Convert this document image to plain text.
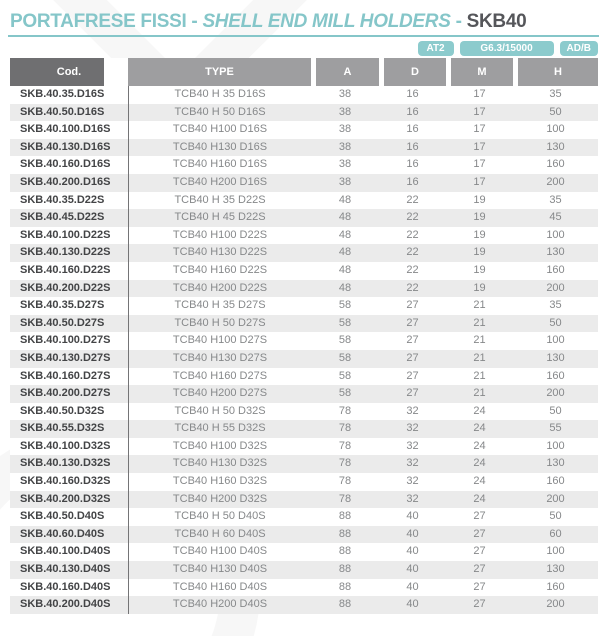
PORTAFRESE FISSI - SHELL END MILL HOLDERS - SKB40
AT2	G6.3/15000	AD/B
Cod.	TYPE	A	D	M	H
SKB.40.35.D16S	TCB40 H 35 D16S	38	16	17	35
SKB.40.50.D16S	TCB40 H 50 D16S	38	16	17	50
SKB.40.100.D16S	TCB40 H100 D16S	38	16	17	100
SKB.40.130.D16S	TCB40 H130 D16S	38	16	17	130
SKB.40.160.D16S	TCB40 H160 D16S	38	16	17	160
SKB.40.200.D16S	TCB40 H200 D16S	38	16	17	200
SKB.40.35.D22S	TCB40 H 35 D22S	48	22	19	35
SKB.40.45.D22S	TCB40 H 45 D22S	48	22	19	45
SKB.40.100.D22S	TCB40 H100 D22S	48	22	19	100
SKB.40.130.D22S	TCB40 H130 D22S	48	22	19	130
SKB.40.160.D22S	TCB40 H160 D22S	48	22	19	160
SKB.40.200.D22S	TCB40 H200 D22S	48	22	19	200
SKB.40.35.D27S	TCB40 H 35 D27S	58	27	21	35
SKB.40.50.D27S	TCB40 H 50 D27S	58	27	21	50
SKB.40.100.D27S	TCB40 H100 D27S	58	27	21	100
SKB.40.130.D27S	TCB40 H130 D27S	58	27	21	130
SKB.40.160.D27S	TCB40 H160 D27S	58	27	21	160
SKB.40.200.D27S	TCB40 H200 D27S	58	27	21	200
SKB.40.50.D32S	TCB40 H 50 D32S	78	32	24	50
SKB.40.55.D32S	TCB40 H 55 D32S	78	32	24	55
SKB.40.100.D32S	TCB40 H100 D32S	78	32	24	100
SKB.40.130.D32S	TCB40 H130 D32S	78	32	24	130
SKB.40.160.D32S	TCB40 H160 D32S	78	32	24	160
SKB.40.200.D32S	TCB40 H200 D32S	78	32	24	200
SKB.40.50.D40S	TCB40 H 50 D40S	88	40	27	50
SKB.40.60.D40S	TCB40 H 60 D40S	88	40	27	60
SKB.40.100.D40S	TCB40 H100 D40S	88	40	27	100
SKB.40.130.D40S	TCB40 H130 D40S	88	40	27	130
SKB.40.160.D40S	TCB40 H160 D40S	88	40	27	160
SKB.40.200.D40S	TCB40 H200 D40S	88	40	27	200
